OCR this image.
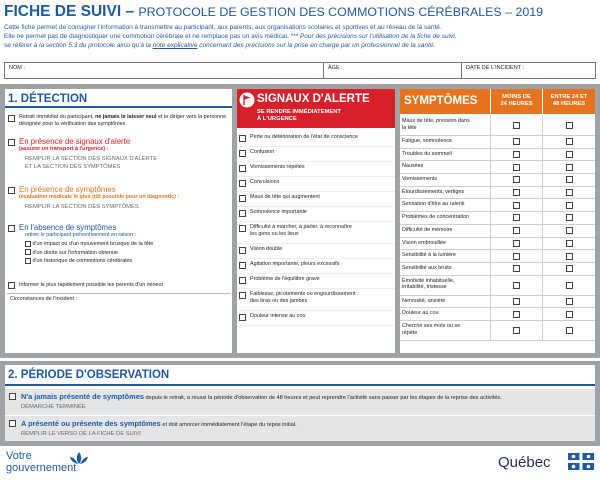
FICHE DE SUIVI – PROTOCOLE DE GESTION DES COMMOTIONS CÉRÉBRALES – 2019
Cette fiche permet de consigner l'information à transmettre au participant, aux parents, aux organisations scolaires et sportives et au réseau de la santé.
Elle ne permet pas de diagnostiquer une commotion cérébrale et ne remplace pas un avis médical. *** Pour des précisions sur l'utilisation de la fiche de suivi,
se référer à la section 5.3 du protocole ainsi qu'à la note explicative concernant des précisions sur la prise en charge par un professionnel de la santé.
NOM :	ÂGE :	DATE DE L'INCIDENT :
1. DÉTECTION
Retrait immédiat du participant, ne jamais le laisser seul et le diriger vers la personne désignée pour la vérification des symptômes
En présence de signaux d'alerte
(assurer un transport à l'urgence) :
REMPLIR LA SECTION DES SIGNAUX D'ALERTE
ET LA SECTION DES SYMPTÔMES
En présence de symptômes
(évaluation médicale le plus (tôt possible pour un diagnostic) :
REMPLIR LA SECTION DES SYMPTÔMES
En l'absence de symptômes
retirer le participant préventivement en raison :
d'un impact ou d'un mouvement brusque de la tête
d'un doute sur l'information obtenue
d'un historique de commotions cérébrales
Informer le plus rapidement possible les parents d'un mineur
Circonstances de l'incident :
SIGNAUX D'ALERTE
SE RENDRE IMMÉDIATEMENT
À L'URGENCE
Perte ou détérioration de l'état de conscience
Confusion
Vomissements répétés
Convulsions
Maux de tête qui augmentent
Somnolence importante
Difficulté à marcher, à parler, à reconnaître
les gens ou les lieux
Vision double
Agitation importante, pleurs excessifs
Problème de l'équilibre grave
Faiblesse, picotements ou engourdissement
des bras ou des jambes
Douleur intense au cou
SYMPTÔMES	MOINS DE
24 HEURES
ENTRE 24 ET
48 HEURES
Maux de tête, pression dans
la tête
Fatigue, somnolence
Troubles du sommeil
Nausées
Vomissements
Étourdissements, vertiges
Sensation d'être au ralenti
Problèmes de concentration
Difficulté de mémoire
Vision embrouillée
Sensibilité à la lumière
Sensibilité aux bruits
Émotivité inhabituelle,
irritabilité, tristesse
Nervosité, anxiété
Douleur au cou
Cherche ses mots ou se
répète
2. PÉRIODE D'OBSERVATION
N'a jamais présenté de symptômes depuis le retrait, a réussi la période d'observation de 48 heures et peut reprendre l'activité sans passer par les étapes de la reprise des activités.
DÉMARCHE TERMINÉE
A présenté ou présente des symptômes et doit amorcer immédiatement l'étape du repos initial.
REMPLIR LE VERSO DE LA FICHE DE SUIVI
Votre
gouvernement	Québec
